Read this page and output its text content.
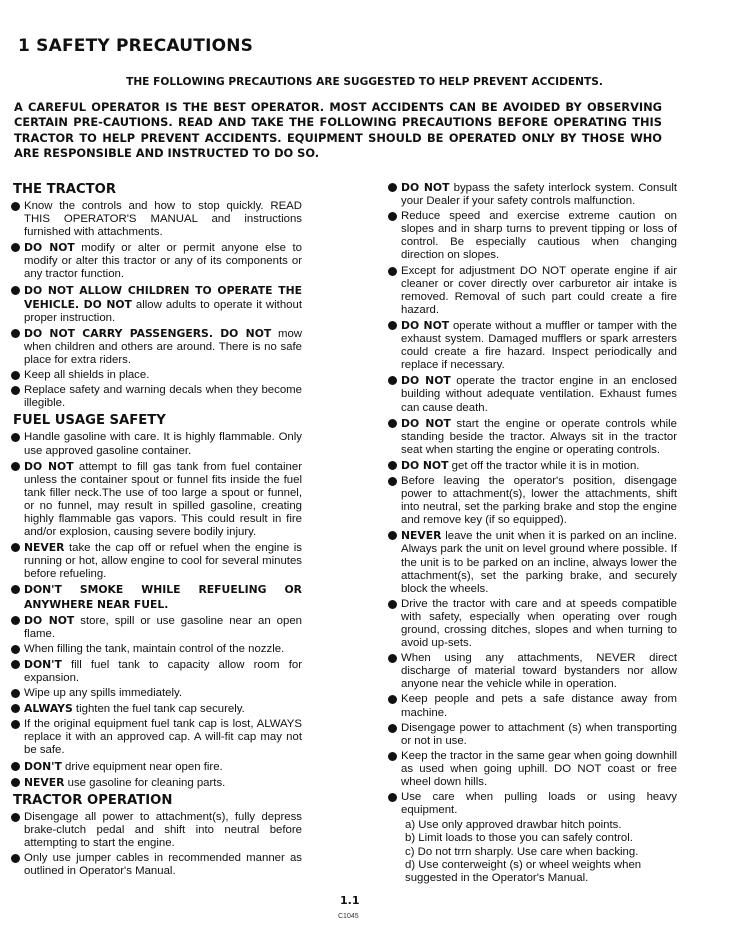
1 SAFETY PRECAUTIONS
THE FOLLOWING PRECAUTIONS ARE SUGGESTED TO HELP PREVENT ACCIDENTS.
A CAREFUL OPERATOR IS THE BEST OPERATOR. MOST ACCIDENTS CAN BE AVOIDED BY OBSERVING CERTAIN PRE-CAUTIONS. READ AND TAKE THE FOLLOWING PRECAUTIONS BEFORE OPERATING THIS TRACTOR TO HELP PREVENT ACCIDENTS. EQUIPMENT SHOULD BE OPERATED ONLY BY THOSE WHO ARE RESPONSIBLE AND INSTRUCTED TO DO SO.
THE TRACTOR
Know the controls and how to stop quickly. READ THIS OPERATOR'S MANUAL and instructions furnished with attachments.
DO NOT modify or alter or permit anyone else to modify or alter this tractor or any of its components or any tractor function.
DO NOT ALLOW CHILDREN TO OPERATE THE VEHICLE. DO NOT allow adults to operate it without proper instruction.
DO NOT CARRY PASSENGERS. DO NOT mow when children and others are around. There is no safe place for extra riders.
Keep all shields in place.
Replace safety and warning decals when they become illegible.
FUEL USAGE SAFETY
Handle gasoline with care. It is highly flammable. Only use approved gasoline container.
DO NOT attempt to fill gas tank from fuel container unless the container spout or funnel fits inside the fuel tank filler neck.The use of too large a spout or funnel, or no funnel, may result in spilled gasoline, creating highly flammable gas vapors. This could result in fire and/or explosion, causing severe bodily injury.
NEVER take the cap off or refuel when the engine is running or hot, allow engine to cool for several minutes before refueling.
DON'T SMOKE WHILE REFUELING OR ANYWHERE NEAR FUEL.
DO NOT store, spill or use gasoline near an open flame.
When filling the tank, maintain control of the nozzle.
DON'T fill fuel tank to capacity allow room for expansion.
Wipe up any spills immediately.
ALWAYS tighten the fuel tank cap securely.
If the original equipment fuel tank cap is lost, ALWAYS replace it with an approved cap. A will-fit cap may not be safe.
DON'T drive equipment near open fire.
NEVER use gasoline for cleaning parts.
TRACTOR OPERATION
Disengage all power to attachment(s), fully depress brake-clutch pedal and shift into neutral before attempting to start the engine.
Only use jumper cables in recommended manner as outlined in Operator's Manual.
DO NOT bypass the safety interlock system. Consult your Dealer if your safety controls malfunction.
Reduce speed and exercise extreme caution on slopes and in sharp turns to prevent tipping or loss of control. Be especially cautious when changing direction on slopes.
Except for adjustment DO NOT operate engine if air cleaner or cover directly over carburetor air intake is removed. Removal of such part could create a fire hazard.
DO NOT operate without a muffler or tamper with the exhaust system. Damaged mufflers or spark arresters could create a fire hazard. Inspect periodically and replace if necessary.
DO NOT operate the tractor engine in an enclosed building without adequate ventilation. Exhaust fumes can cause death.
DO NOT start the engine or operate controls while standing beside the tractor. Always sit in the tractor seat when starting the engine or operating controls.
DO NOT get off the tractor while it is in motion.
Before leaving the operator's position, disengage power to attachment(s), lower the attachments, shift into neutral, set the parking brake and stop the engine and remove key (if so equipped).
NEVER leave the unit when it is parked on an incline. Always park the unit on level ground where possible. If the unit is to be parked on an incline, always lower the attachment(s), set the parking brake, and securely block the wheels.
Drive the tractor with care and at speeds compatible with safety, especially when operating over rough ground, crossing ditches, slopes and when turning to avoid up-sets.
When using any attachments, NEVER direct discharge of material toward bystanders nor allow anyone near the vehicle while in operation.
Keep people and pets a safe distance away from machine.
Disengage power to attachment (s) when transporting or not in use.
Keep the tractor in the same gear when going downhill as used when going uphill. DO NOT coast or free wheel down hills.
Use care when pulling loads or using heavy equipment.
a) Use only approved drawbar hitch points.
b) Limit loads to those you can safely control.
c) Do not trrn sharply. Use care when backing.
d) Use conterweight (s) or wheel weights when suggested in the Operator's Manual.
1.1
C1045
